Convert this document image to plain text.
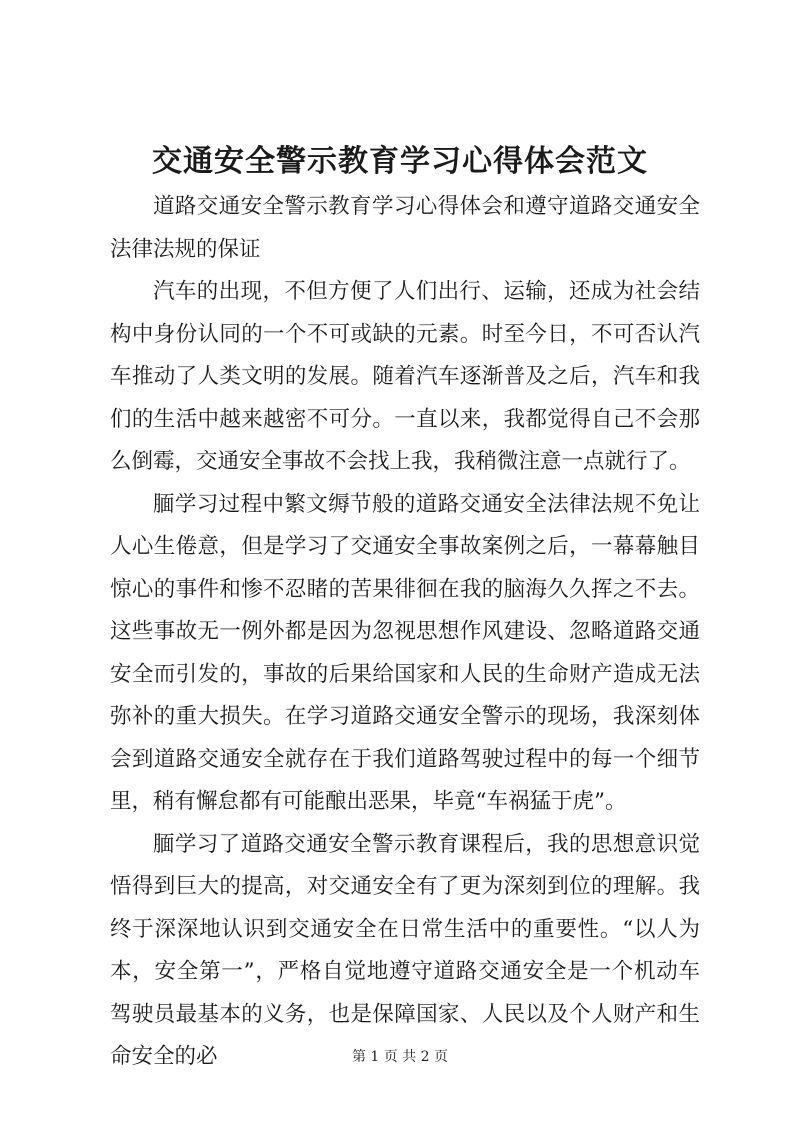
交通安全警示教育学习心得体会范文

道路交通安全警示教育学习心得体会和遵守道路交通安全法律法规的保证

汽车的出现，不但方便了人们出行、运输，还成为社会结构中身份认同的一个不可或缺的元素。时至今日，不可否认汽车推动了人类文明的发展。随着汽车逐渐普及之后，汽车和我们的生活中越来越密不可分。一直以来，我都觉得自己不会那么倒霉，交通安全事故不会找上我，我稍微注意一点就行了。

腼学习过程中繁文缛节般的道路交通安全法律法规不免让人心生倦意，但是学习了交通安全事故案例之后，一幕幕触目惊心的事件和惨不忍睹的苦果徘徊在我的脑海久久挥之不去。这些事故无一例外都是因为忽视思想作风建设、忽略道路交通安全而引发的，事故的后果给国家和人民的生命财产造成无法弥补的重大损失。在学习道路交通安全警示的现场，我深刻体会到道路交通安全就存在于我们道路驾驶过程中的每一个细节里，稍有懈怠都有可能酿出恶果，毕竟“车祸猛于虎”。

腼学习了道路交通安全警示教育课程后，我的思想意识觉悟得到巨大的提高，对交通安全有了更为深刻到位的理解。我终于深深地认识到交通安全在日常生活中的重要性。“以人为本，安全第一”，严格自觉地遵守道路交通安全是一个机动车驾驶员最基本的义务，也是保障国家、人民以及个人财产和生命安全的必	第 1 页 共 2 页
